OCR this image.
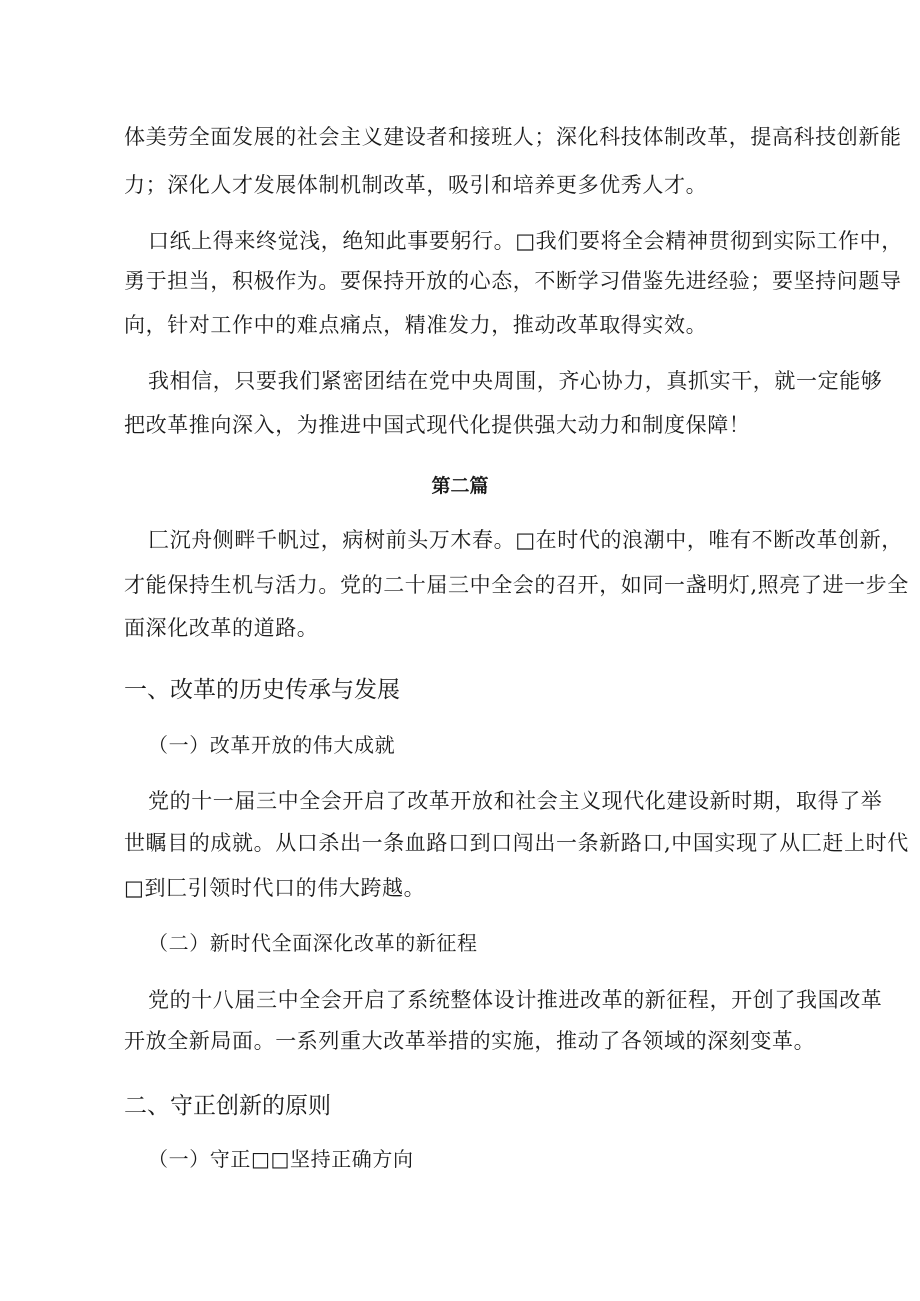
体美劳全面发展的社会主义建设者和接班人；深化科技体制改革，提高科技创新能
力；深化人才发展体制机制改革，吸引和培养更多优秀人才。
口纸上得来终觉浅，绝知此事要躬行。□我们要将全会精神贯彻到实际工作中，
勇于担当，积极作为。要保持开放的心态，不断学习借鉴先进经验；要坚持问题导
向，针对工作中的难点痛点，精准发力，推动改革取得实效。
我相信，只要我们紧密团结在党中央周围，齐心协力，真抓实干，就一定能够
把改革推向深入，为推进中国式现代化提供强大动力和制度保障！
第二篇
匚沉舟侧畔千帆过，病树前头万木春。□在时代的浪潮中，唯有不断改革创新，
才能保持生机与活力。党的二十届三中全会的召开，如同一盏明灯,照亮了进一步全
面深化改革的道路。
一、改革的历史传承与发展
（一）改革开放的伟大成就
党的十一届三中全会开启了改革开放和社会主义现代化建设新时期，取得了举
世瞩目的成就。从口杀出一条血路口到口闯出一条新路口,中国实现了从匚赶上时代
□到匚引领时代口的伟大跨越。
（二）新时代全面深化改革的新征程
党的十八届三中全会开启了系统整体设计推进改革的新征程，开创了我国改革
开放全新局面。一系列重大改革举措的实施，推动了各领域的深刻变革。
二、守正创新的原则
（一）守正□□坚持正确方向
